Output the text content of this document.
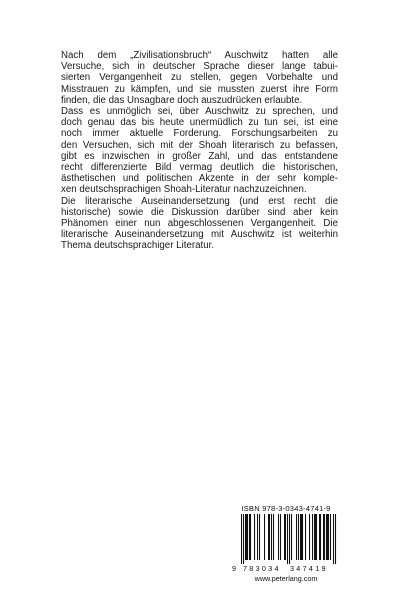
Nach dem „Zivilisationsbruch“ Auschwitz hatten alle
Versuche, sich in deutscher Sprache dieser lange tabui-
sierten Vergangenheit zu stellen, gegen Vorbehalte und
Misstrauen zu kämpfen, und sie mussten zuerst ihre Form
finden, die das Unsagbare doch auszudrücken erlaubte.
Dass es unmöglich sei, über Auschwitz zu sprechen, und
doch genau das bis heute unermüdlich zu tun sei, ist eine
noch immer aktuelle Forderung. Forschungsarbeiten zu
den Versuchen, sich mit der Shoah literarisch zu befassen,
gibt es inzwischen in großer Zahl, und das entstandene
recht differenzierte Bild vermag deutlich die historischen,
ästhetischen und politischen Akzente in der sehr komple-
xen deutschsprachigen Shoah-Literatur nachzuzeichnen.
Die literarische Auseinandersetzung (und erst recht die
historische) sowie die Diskussion darüber sind aber kein
Phänomen einer nun abgeschlossenen Vergangenheit. Die
literarische Auseinandersetzung mit Auschwitz ist weiterhin
Thema deutschsprachiger Literatur.
ISBN 978-3-0343-4741-9
9 783034 347419
www.peterlang.com
